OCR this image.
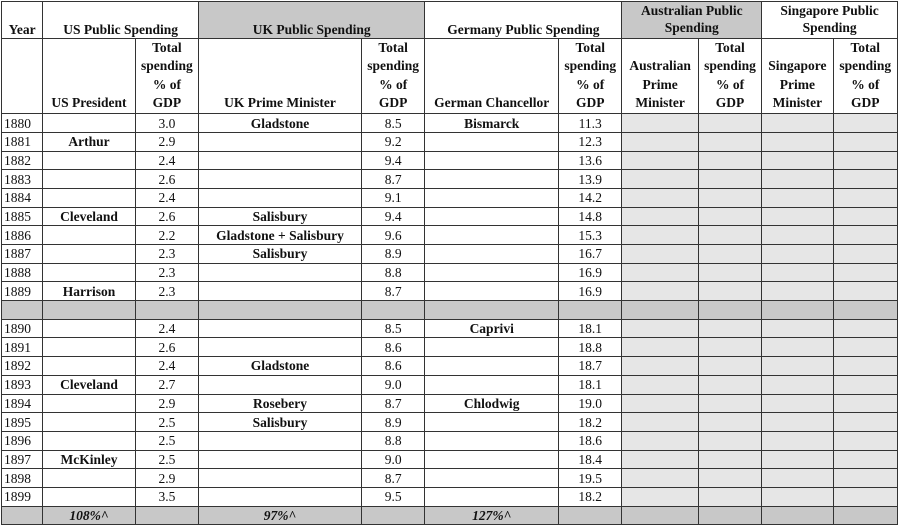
Year	US Public Spending		UK Public Spending		Germany Public Spending		Australian Public Spending		Singapore Public Spending	
	US President	Total spending % of GDP	UK Prime Minister	Total spending % of GDP	German Chancellor	Total spending % of GDP	Australian Prime Minister	Total spending % of GDP	Singapore Prime Minister	Total spending % of GDP
1880		3.0	Gladstone	8.5	Bismarck	11.3				
1881	Arthur	2.9		9.2		12.3				
1882		2.4		9.4		13.6				
1883		2.6		8.7		13.9				
1884		2.4		9.1		14.2				
1885	Cleveland	2.6	Salisbury	9.4		14.8				
1886		2.2	Gladstone + Salisbury	9.6		15.3				
1887		2.3	Salisbury	8.9		16.7				
1888		2.3		8.8		16.9				
1889	Harrison	2.3		8.7		16.9				

1890		2.4		8.5	Caprivi	18.1				
1891		2.6		8.6		18.8				
1892		2.4	Gladstone	8.6		18.7				
1893	Cleveland	2.7		9.0		18.1				
1894		2.9	Rosebery	8.7	Chlodwig	19.0				
1895		2.5	Salisbury	8.9		18.2				
1896		2.5		8.8		18.6				
1897	McKinley	2.5		9.0		18.4				
1898		2.9		8.7		19.5				
1899		3.5		9.5		18.2				
	108%^		97%^		127%^					
